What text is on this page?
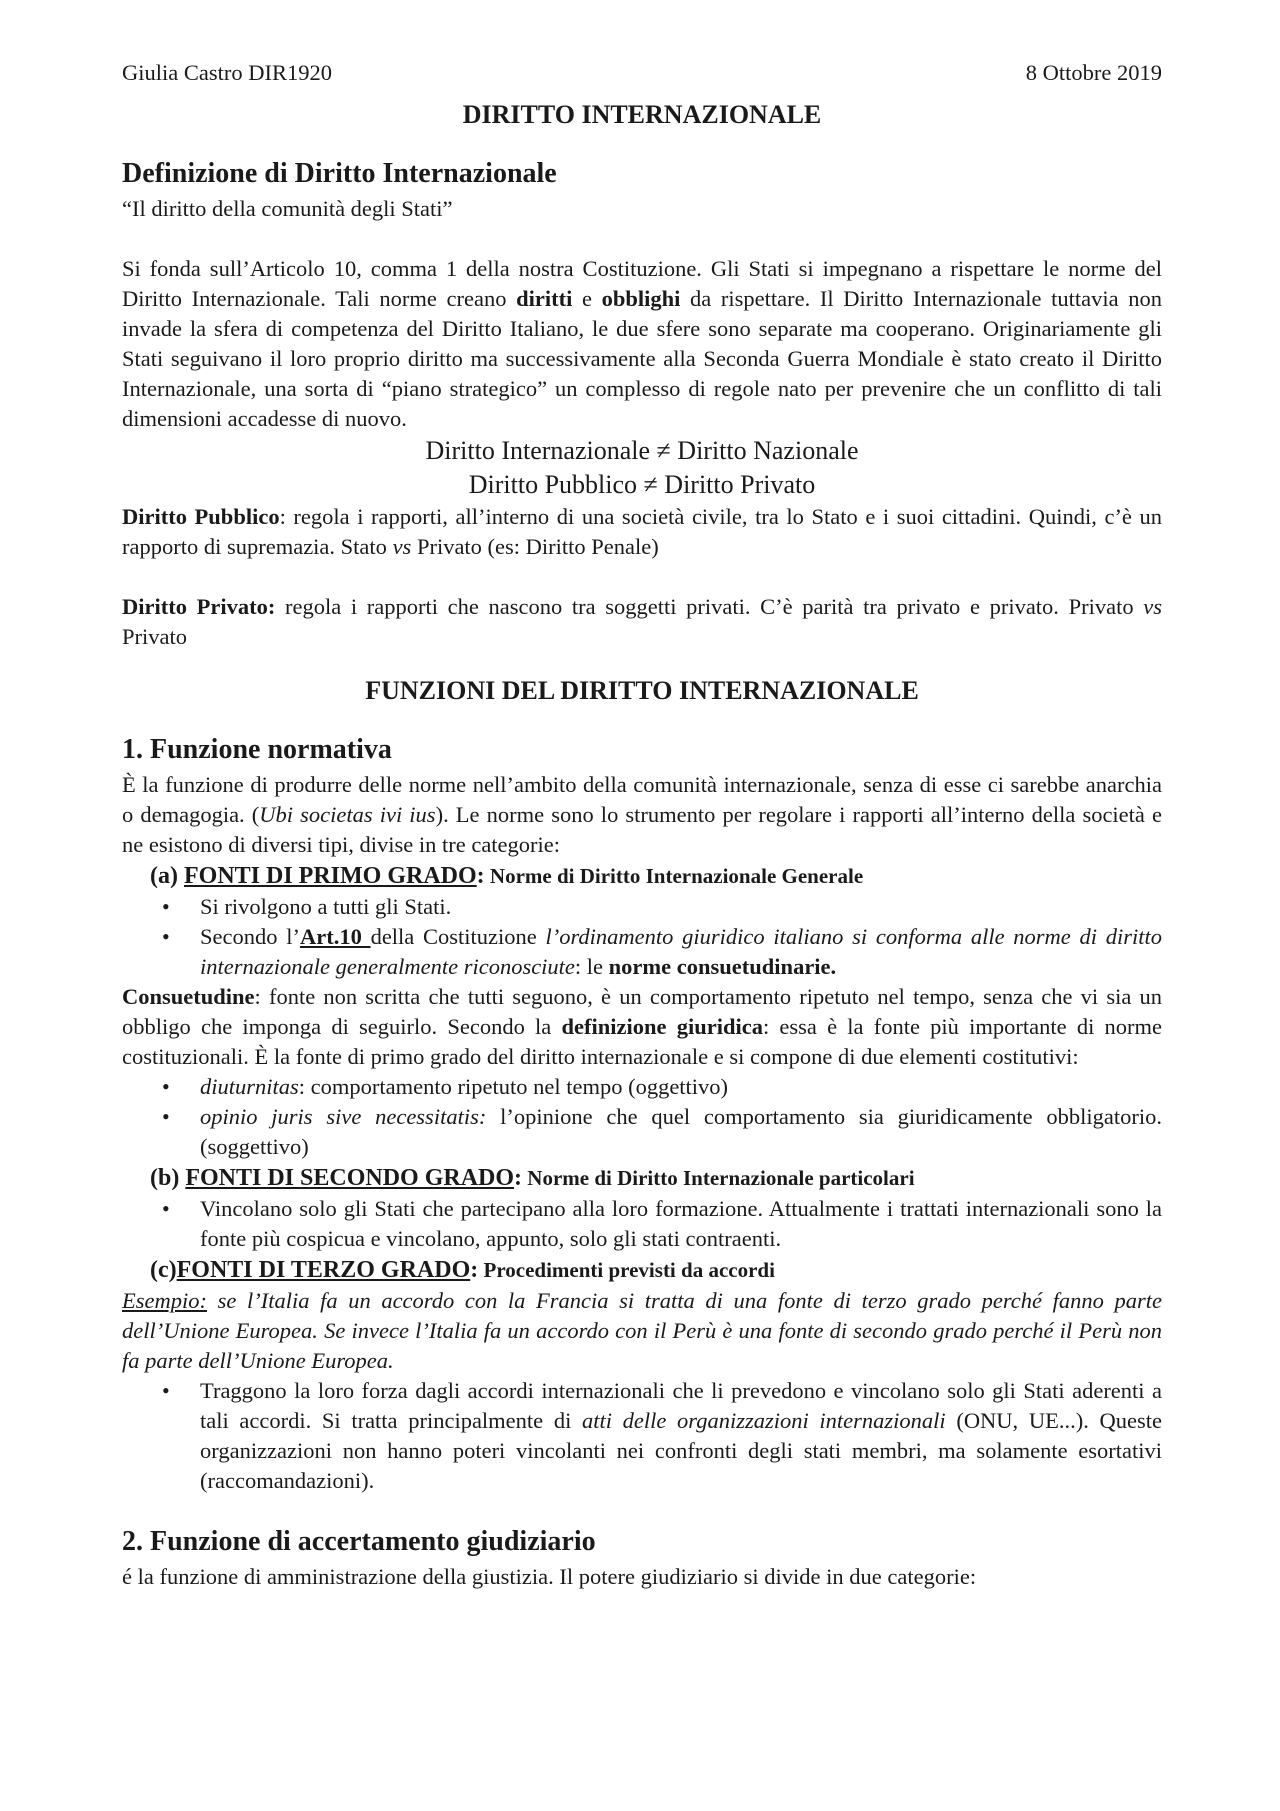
Giulia Castro DIR1920	8 Ottobre 2019
DIRITTO INTERNAZIONALE
Definizione di Diritto Internazionale

“Il diritto della comunità degli Stati”

Si fonda sull’Articolo 10, comma 1 della nostra Costituzione. Gli Stati si impegnano a rispettare le norme del Diritto Internazionale. Tali norme creano diritti e obblighi da rispettare. Il Diritto Internazionale tuttavia non invade la sfera di competenza del Diritto Italiano, le due sfere sono separate ma cooperano. Originariamente gli Stati seguivano il loro proprio diritto ma successivamente alla Seconda Guerra Mondiale è stato creato il Diritto Internazionale, una sorta di “piano strategico” un complesso di regole nato per prevenire che un conflitto di tali dimensioni accadesse di nuovo.

Diritto Internazionale ≠ Diritto Nazionale
Diritto Pubblico ≠ Diritto Privato

Diritto Pubblico: regola i rapporti, all’interno di una società civile, tra lo Stato e i suoi cittadini. Quindi, c’è un rapporto di supremazia. Stato vs Privato (es: Diritto Penale)

Diritto Privato: regola i rapporti che nascono tra soggetti privati. C’è parità tra privato e privato. Privato vs Privato

FUNZIONI DEL DIRITTO INTERNAZIONALE
1. Funzione normativa

È la funzione di produrre delle norme nell’ambito della comunità internazionale, senza di esse ci sarebbe anarchia o demagogia. (Ubi societas ivi ius). Le norme sono lo strumento per regolare i rapporti all’interno della società e ne esistono di diversi tipi, divise in tre categorie:

(a) FONTI DI PRIMO GRADO: Norme di Diritto Internazionale Generale
• Si rivolgono a tutti gli Stati.
• Secondo l’Art.10 della Costituzione l’ordinamento giuridico italiano si conforma alle norme di diritto internazionale generalmente riconosciute: le norme consuetudinarie.

Consuetudine: fonte non scritta che tutti seguono, è un comportamento ripetuto nel tempo, senza che vi sia un obbligo che imponga di seguirlo. Secondo la definizione giuridica: essa è la fonte più importante di norme costituzionali. È la fonte di primo grado del diritto internazionale e si compone di due elementi costitutivi:

• diuturnitas: comportamento ripetuto nel tempo (oggettivo)
• opinio juris sive necessitatis: l’opinione che quel comportamento sia giuridicamente obbligatorio. (soggettivo)
(b) FONTI DI SECONDO GRADO: Norme di Diritto Internazionale particolari
• Vincolano solo gli Stati che partecipano alla loro formazione. Attualmente i trattati internazionali sono la fonte più cospicua e vincolano, appunto, solo gli stati contraenti.
(c)FONTI DI TERZO GRADO: Procedimenti previsti da accordi

Esempio: se l’Italia fa un accordo con la Francia si tratta di una fonte di terzo grado perché fanno parte dell’Unione Europea. Se invece l’Italia fa un accordo con il Perù è una fonte di secondo grado perché il Perù non fa parte dell’Unione Europea.

• Traggono la loro forza dagli accordi internazionali che li prevedono e vincolano solo gli Stati aderenti a tali accordi. Si tratta principalmente di atti delle organizzazioni internazionali (ONU, UE...). Queste organizzazioni non hanno poteri vincolanti nei confronti degli stati membri, ma solamente esortativi (raccomandazioni).
2. Funzione di accertamento giudiziario

é la funzione di amministrazione della giustizia. Il potere giudiziario si divide in due categorie:
